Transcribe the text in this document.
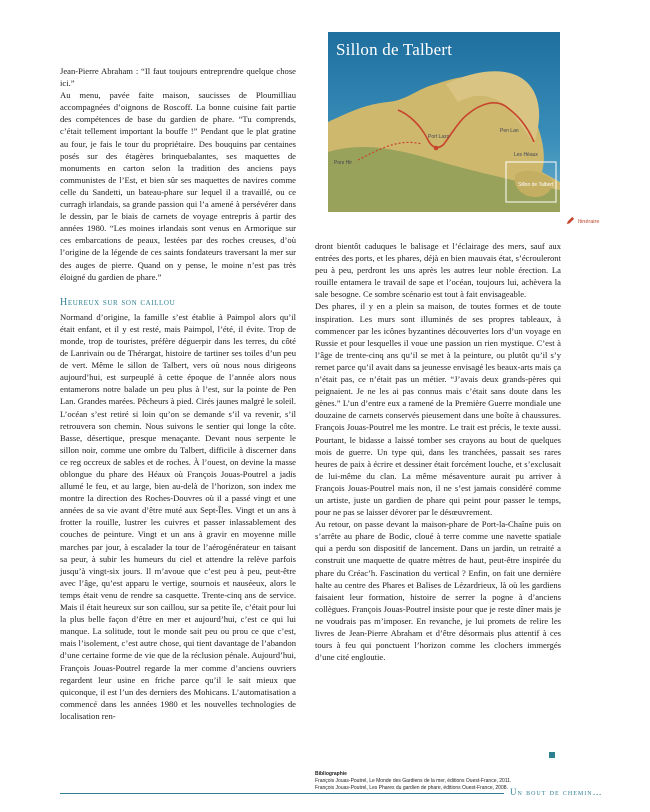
Sillon de Talbert
Pors Hir
Port Lazo
Les Héaux
Pen Lan
Sillon de Talbert
Itinéraire

Jean-Pierre Abraham : “Il faut toujours entreprendre quelque chose ici.”

Au menu, pavée faite maison, saucisses de Ploumilliau accompagnées d’oignons de Roscoff. La bonne cuisine fait partie des compétences de base du gardien de phare. “Tu comprends, c’était tellement important la bouffe !” Pendant que le plat gratine au four, je fais le tour du propriétaire. Des bouquins par centaines posés sur des étagères brinquebalantes, ses maquettes de monuments en carton selon la tradition des anciens pays communistes de l’Est, et bien sûr ses maquettes de navires comme celle du Sandetti, un bateau-phare sur lequel il a travaillé, ou ce curragh irlandais, sa grande passion qui l’a amené à persévérer dans le dessin, par le biais de carnets de voyage entrepris à partir des années 1980. “Les moines irlandais sont venus en Armorique sur ces embarcations de peaux, lestées par des roches creuses, d’où l’origine de la légende de ces saints fondateurs traversant la mer sur des auges de pierre. Quand on y pense, le moine n’est pas très éloigné du gardien de phare.”

Heureux sur son caillou

Normand d’origine, la famille s’est établie à Paimpol alors qu’il était enfant, et il y est resté, mais Paimpol, l’été, il évite. Trop de monde, trop de touristes, préfère déguerpir dans les terres, du côté de Lanrivain ou de Thérargat, histoire de tartiner ses toiles d’un peu de vert. Même le sillon de Talbert, vers où nous nous dirigeons aujourd’hui, est surpeuplé à cette époque de l’année alors nous entamerons notre balade un peu plus à l’est, sur la pointe de Pen Lan. Grandes marées. Pêcheurs à pied. Cirés jaunes malgré le soleil. L’océan s’est retiré si loin qu’on se demande s’il va revenir, s’il retrouvera son chemin. Nous suivons le sentier qui longe la côte. Basse, désertique, presque menaçante. Devant nous serpente le sillon noir, comme une ombre du Talbert, difficile à discerner dans ce reg occreux de sables et de roches. À l’ouest, on devine la masse oblongue du phare des Héaux où François Jouas-Poutrel a jadis allumé le feu, et au large, bien au-delà de l’horizon, son index me montre la direction des Roches-Douvres où il a passé vingt et une années de sa vie avant d’être muté aux Sept-Îles. Vingt et un ans à frotter la rouille, lustrer les cuivres et passer inlassablement des couches de peinture. Vingt et un ans à gravir en moyenne mille marches par jour, à escalader la tour de l’aérogénérateur en taisant sa peur, à subir les humeurs du ciel et attendre la relève parfois jusqu’à vingt-six jours. Il m’avoue que c’est peu à peu, peut-être avec l’âge, qu’est apparu le vertige, sournois et nauséeux, alors le temps était venu de rendre sa casquette. Trente-cinq ans de service. Mais il était heureux sur son caillou, sur sa petite île, c’était pour lui la plus belle façon d’être en mer et aujourd’hui, c’est ce qui lui manque. La solitude, tout le monde sait peu ou prou ce que c’est, mais l’isolement, c’est autre chose, qui tient davantage de l’abandon d’une certaine forme de vie que de la réclusion pénale. Aujourd’hui, François Jouas-Poutrel regarde la mer comme d’anciens ouvriers regardent leur usine en friche parce qu’il le sait mieux que quiconque, il est l’un des derniers des Mohicans. L’automatisation a commencé dans les années 1980 et les nouvelles technologies de localisation ren-

dront bientôt caduques le balisage et l’éclairage des mers, sauf aux entrées des ports, et les phares, déjà en bien mauvais état, s’écrouleront peu à peu, perdront les uns après les autres leur noble érection. La rouille entamera le travail de sape et l’océan, toujours lui, achèvera la sale besogne. Ce sombre scénario est tout à fait envisageable.

Des phares, il y en a plein sa maison, de toutes formes et de toute inspiration. Les murs sont illuminés de ses propres tableaux, à commencer par les icônes byzantines découvertes lors d’un voyage en Russie et pour lesquelles il voue une passion un rien mystique. C’est à l’âge de trente-cinq ans qu’il se met à la peinture, ou plutôt qu’il s’y remet parce qu’il avait dans sa jeunesse envisagé les beaux-arts mais ça n’était pas, ce n’était pas un métier. “J’avais deux grands-pères qui peignaient. Je ne les ai pas connus mais c’était sans doute dans les gènes.” L’un d’entre eux a ramené de la Première Guerre mondiale une douzaine de carnets conservés pieusement dans une boîte à chaussures. François Jouas-Poutrel me les montre. Le trait est précis, le texte aussi. Pourtant, le bidasse a laissé tomber ses crayons au bout de quelques mois de guerre. Un type qui, dans les tranchées, passait ses rares heures de paix à écrire et dessiner était forcément louche, et s’exclusait de lui-même du clan. La même mésaventure aurait pu arriver à François Jouas-Poutrel mais non, il ne s’est jamais considéré comme un artiste, juste un gardien de phare qui peint pour passer le temps, pour ne pas se laisser dévorer par le désœuvrement.

Au retour, on passe devant la maison-phare de Port-la-Chaîne puis on s’arrête au phare de Bodic, cloué à terre comme une navette spatiale qui a perdu son dispositif de lancement. Dans un jardin, un retraité a construit une maquette de quatre mètres de haut, peut-être inspirée du phare du Créac’h. Fascination du vertical ? Enfin, on fait une dernière halte au centre des Phares et Balises de Lézardrieux, là où les gardiens faisaient leur formation, histoire de serrer la pogne à d’anciens collègues. François Jouas-Poutrel insiste pour que je reste dîner mais je ne voudrais pas m’imposer. En revanche, je lui promets de relire les livres de Jean-Pierre Abraham et d’être désormais plus attentif à ces tours à feu qui ponctuent l’horizon comme les clochers immergés d’une cité engloutie.

Bibliographie
François Jouas-Poutrel, Le Monde des Gardiens de la mer, éditions Ouest-France, 2011.
François Jouas-Poutrel, Les Phares du gardien de phare, éditions Ouest-France, 2008. Un bout de chemin…
